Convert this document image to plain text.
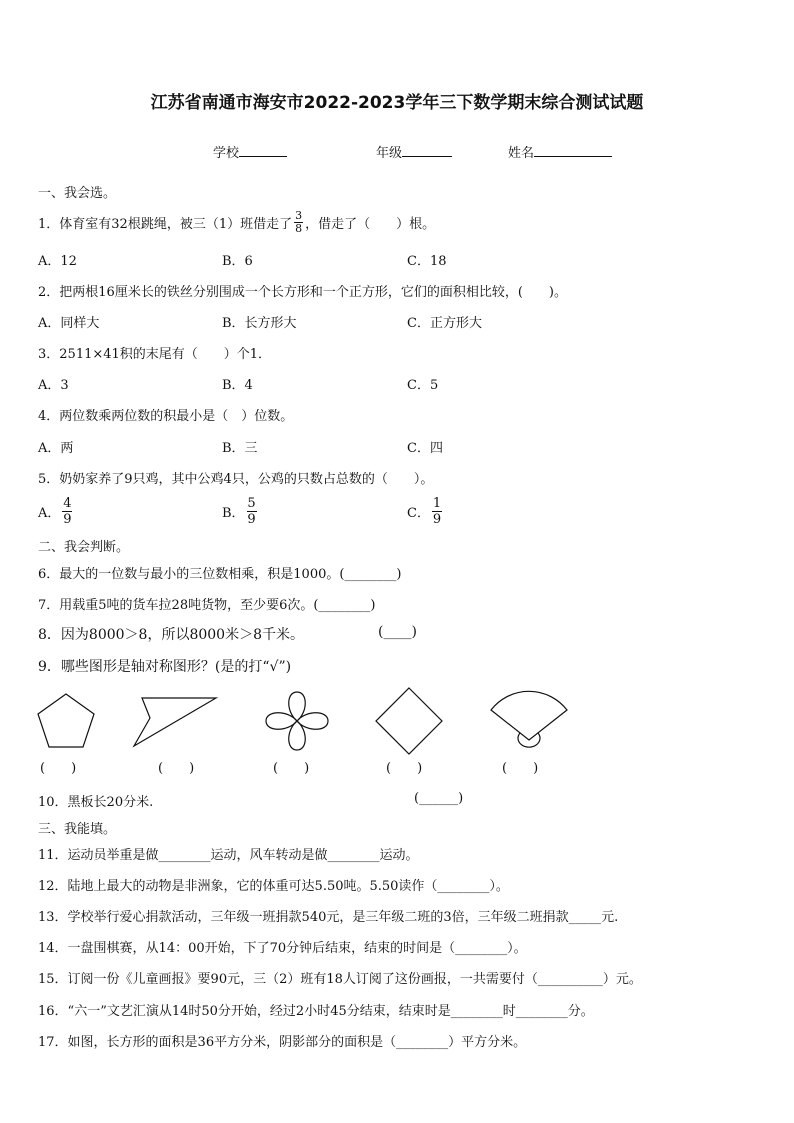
江苏省南通市海安市2022-2023学年三下数学期末综合测试试题
学校	年级	姓名
一、我会选。
1．体育室有32根跳绳，被三（1）班借走了 $\frac{3}{8}$ ，借走了（　　）根。
A．12	B．6	C．18
2．把两根16厘米长的铁丝分别围成一个长方形和一个正方形，它们的面积相比较，(　　)。
A．同样大	B．长方形大	C．正方形大
3．2511×41积的末尾有（　　）个1．
A．3	B．4	C．5
4．两位数乘两位数的积最小是（　）位数。
A．两	B．三	C．四
5．奶奶家养了9只鸡，其中公鸡4只，公鸡的只数占总数的（　　）。
A． $\frac{4}{9}$	B． $\frac{5}{9}$	C． $\frac{1}{9}$
二、我会判断。
6．最大的一位数与最小的三位数相乘，积是1000。(________)
7．用载重5吨的货车拉28吨货物，至少要6次。(________)
8．因为8000＞8，所以8000米＞8千米。	(____)
9．哪些图形是轴对称图形？(是的打“√”)
(　　)	(　　)	(　　)	(　　)	(　　)
10．黑板长20分米.	(______)
三、我能填。
11．运动员举重是做________运动，风车转动是做________运动。
12．陆地上最大的动物是非洲象，它的体重可达5.50吨。5.50读作（________）。
13．学校举行爱心捐款活动，三年级一班捐款540元，是三年级二班的3倍，三年级二班捐款_____元.
14．一盘围棋赛，从14：00开始，下了70分钟后结束，结束的时间是（________）。
15．订阅一份《儿童画报》要90元，三（2）班有18人订阅了这份画报，一共需要付（__________）元。
16．“六一”文艺汇演从14时50分开始，经过2小时45分结束，结束时是________时________分。
17．如图，长方形的面积是36平方分米，阴影部分的面积是（________）平方分米。
